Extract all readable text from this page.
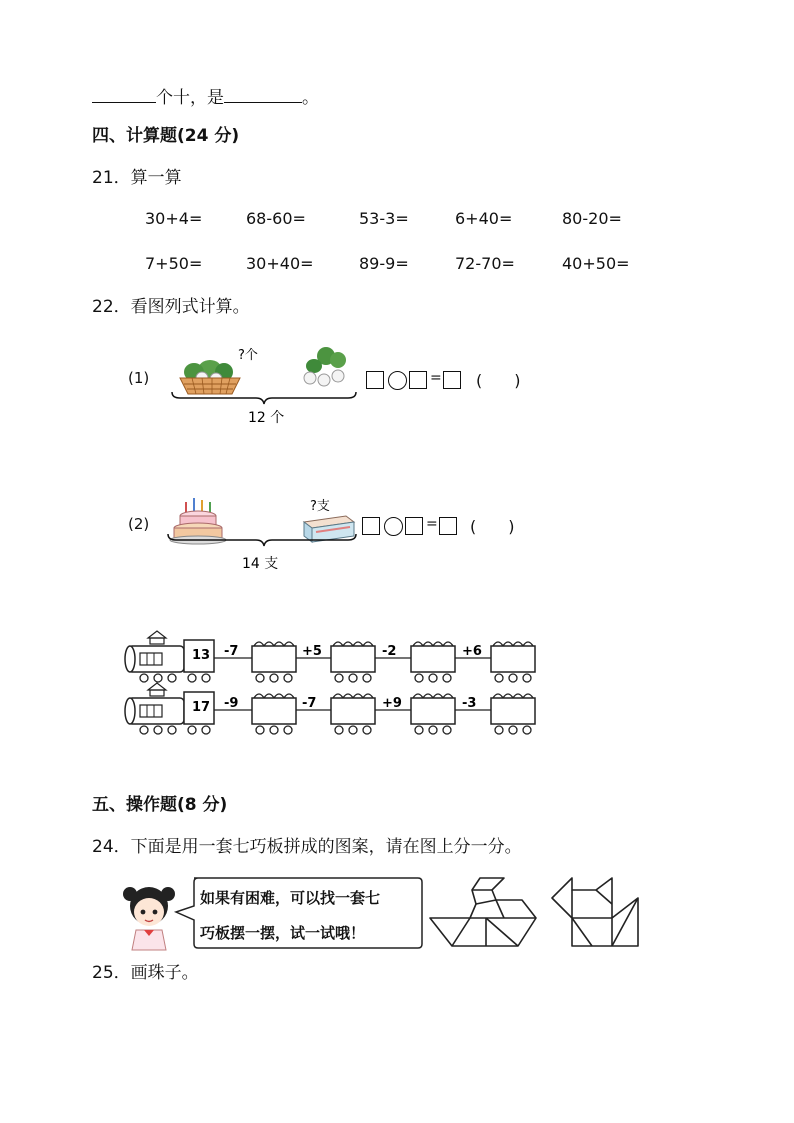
个十，是	。
四、计算题(24 分)
21．算一算
30+4=	68-60=	53-3=	6+40=	80-20=
7+50=	30+40=	89-9=	72-70=	40+50=
22．看图列式计算。
(1)
?个
12 个
= (　　)
(2)
?支
14 支
= (　　)
13 -7	+5	-2	+6
17 -9	-7	+9	-3
五、操作题(8 分)
24．下面是用一套七巧板拼成的图案，请在图上分一分。
如果有困难，可以找一套七
巧板摆一摆，试一试哦！
25．画珠子。
